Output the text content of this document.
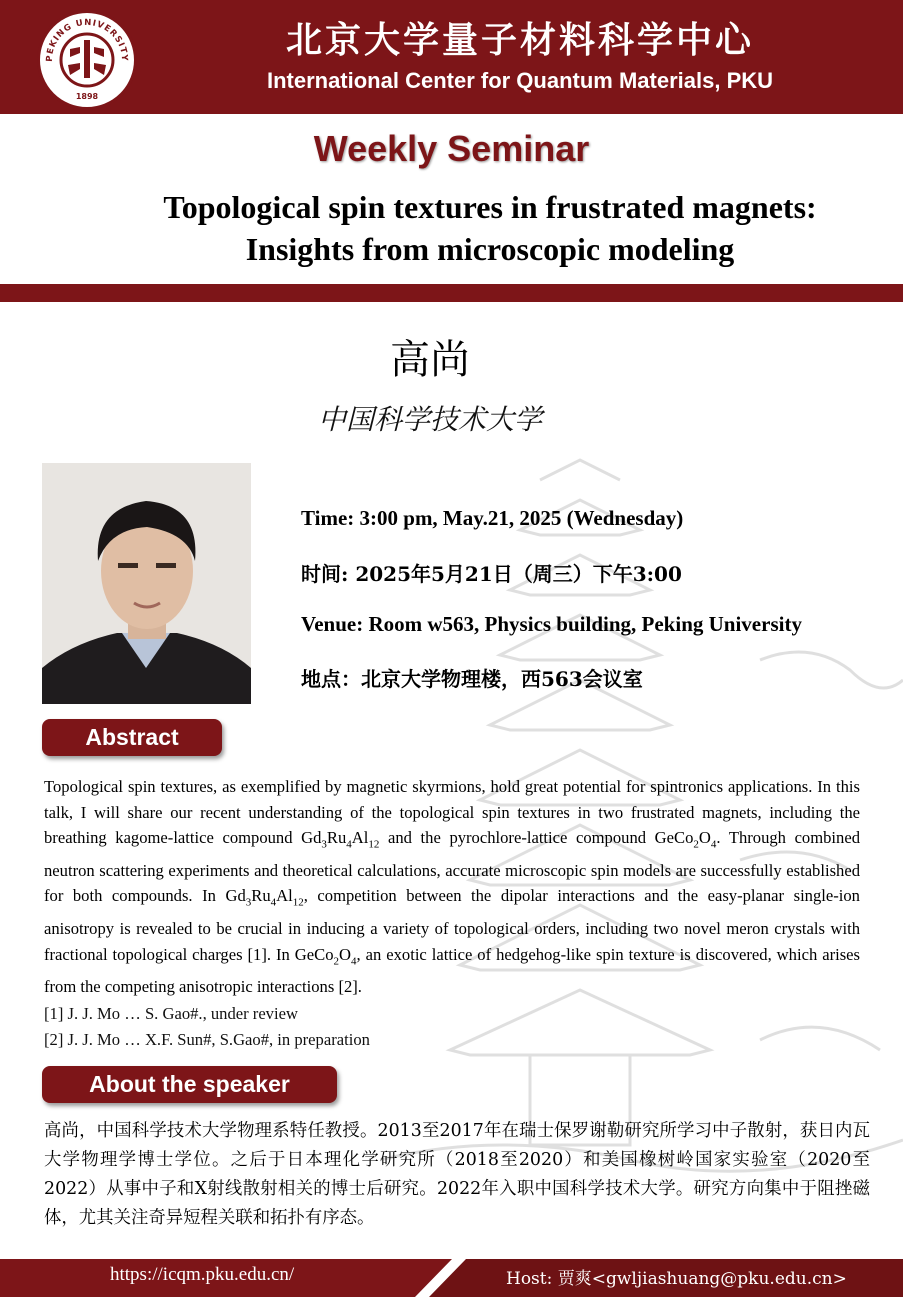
PEKING UNIVERSITY
1898
北京大学量子材料科学中心
International Center for Quantum Materials, PKU
Weekly Seminar
Topological spin textures in frustrated magnets:
Insights from microscopic modeling
高尚
中国科学技术大学
Time: 3:00 pm, May.21, 2025 (Wednesday)
时间: 2025年5月21日（周三）下午3:00
Venue: Room w563, Physics building, Peking University
地点：北京大学物理楼，西563会议室
Abstract

Topological spin textures, as exemplified by magnetic skyrmions, hold great potential for spintronics applications. In this talk, I will share our recent understanding of the topological spin textures in two frustrated magnets, including the breathing kagome-lattice compound $Gd_3Ru_4Al_{12}$ and the pyrochlore-lattice compound $GeCo_2O_4$. Through combined neutron scattering experiments and theoretical calculations, accurate microscopic spin models are successfully established for both compounds. In $Gd_3Ru_4Al_{12}$, competition between the dipolar interactions and the easy-planar single-ion anisotropy is revealed to be crucial in inducing a variety of topological orders, including two novel meron crystals with fractional topological charges [1]. In $GeCo_2O_4$, an exotic lattice of hedgehog-like spin texture is discovered, which arises from the competing anisotropic interactions [2].

[1] J. J. Mo … S. Gao#., under review
[2] J. J. Mo … X.F. Sun#, S.Gao#, in preparation
About the speaker
高尚，中国科学技术大学物理系特任教授。2013至2017年在瑞士保罗谢勒研究所学习中子散射，获日内瓦大学物理学博士学位。之后于日本理化学研究所（2018至2020）和美国橡树岭国家实验室（2020至2022）从事中子和X射线散射相关的博士后研究。2022年入职中国科学技术大学。研究方向集中于阻挫磁体，尤其关注奇异短程关联和拓扑有序态。
https://icqm.pku.edu.cn/	Host: 贾爽<gwljiashuang@pku.edu.cn>
